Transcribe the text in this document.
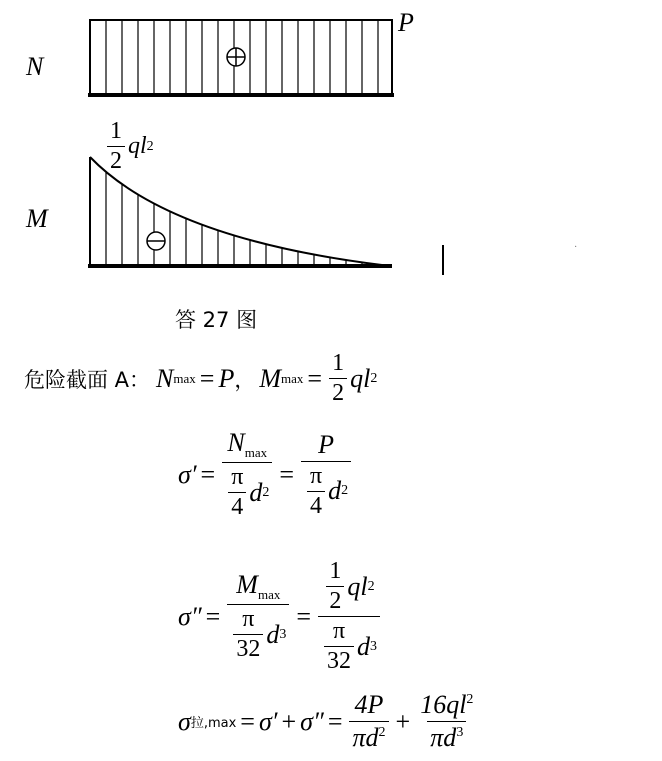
·
N
P
M
$\frac{1}{2}$ ql 2
答 27 图
危险截面 A： N max = P ， M $\max = \frac{1}{2}$ ql 2
$\sigma' = \frac{N_{max}}{\frac{\pi}{4} d 2} = \frac{P}{\frac{\pi}{4} d 2}$
$\sigma'' = \frac{M_{max}}{\frac{\pi}{32} d 3} = \frac{\frac{1}{2} ql 2}{\frac{\pi}{32} d 3}$
σ 拉$,\max = \sigma' + \sigma'' = \frac{4P}{\pi d^2} + \frac{16ql^2}{\pi d^3}$
